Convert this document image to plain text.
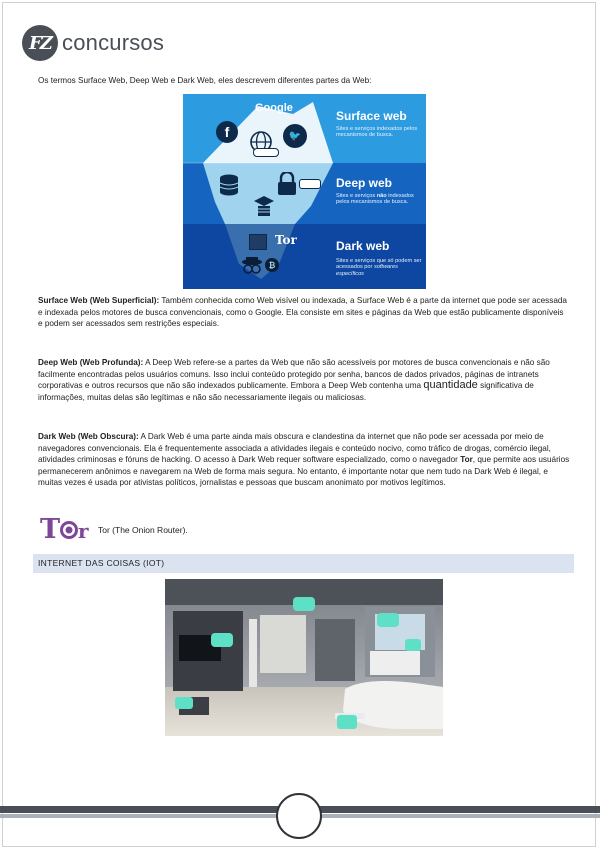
FZ concursos

Os termos Surface Web, Deep Web e Dark Web, eles descrevem diferentes partes da Web:

Google
f	🐦
Tor
₿
Surface web
Sites e serviços indexados pelos mecanismos de busca.
Deep web
Sites e serviços não indexados pelos mecanismos de busca.
Dark web
Sites e serviços que só podem ser acessados por softwares específicos

Surface Web (Web Superficial): Também conhecida como Web visível ou indexada, a Surface Web é a parte da internet que pode ser acessada e indexada pelos motores de busca convencionais, como o Google. Ela consiste em sites e páginas da Web que estão publicamente disponíveis e podem ser acessados sem restrições especiais.

Deep Web (Web Profunda): A Deep Web refere-se a partes da Web que não são acessíveis por motores de busca convencionais e não são facilmente encontradas pelos usuários comuns. Isso inclui conteúdo protegido por senha, bancos de dados privados, páginas de intranets corporativas e outros recursos que não são indexados publicamente. Embora a Deep Web contenha uma quantidade significativa de informações, muitas delas são legítimas e não são necessariamente ilegais ou maliciosas.

Dark Web (Web Obscura): A Dark Web é uma parte ainda mais obscura e clandestina da internet que não pode ser acessada por meio de navegadores convencionais. Ela é frequentemente associada a atividades ilegais e conteúdo nocivo, como tráfico de drogas, comércio ilegal, atividades criminosas e fóruns de hacking. O acesso à Dark Web requer software especializado, como o navegador Tor, que permite aos usuários permanecerem anônimos e navegarem na Web de forma mais segura. No entanto, é importante notar que nem tudo na Dark Web é ilegal, e muitas vezes é usada por ativistas políticos, jornalistas e pessoas que buscam anonimato por motivos legítimos.

T r Tor (The Onion Router).
INTERNET DAS COISAS (IOT)
